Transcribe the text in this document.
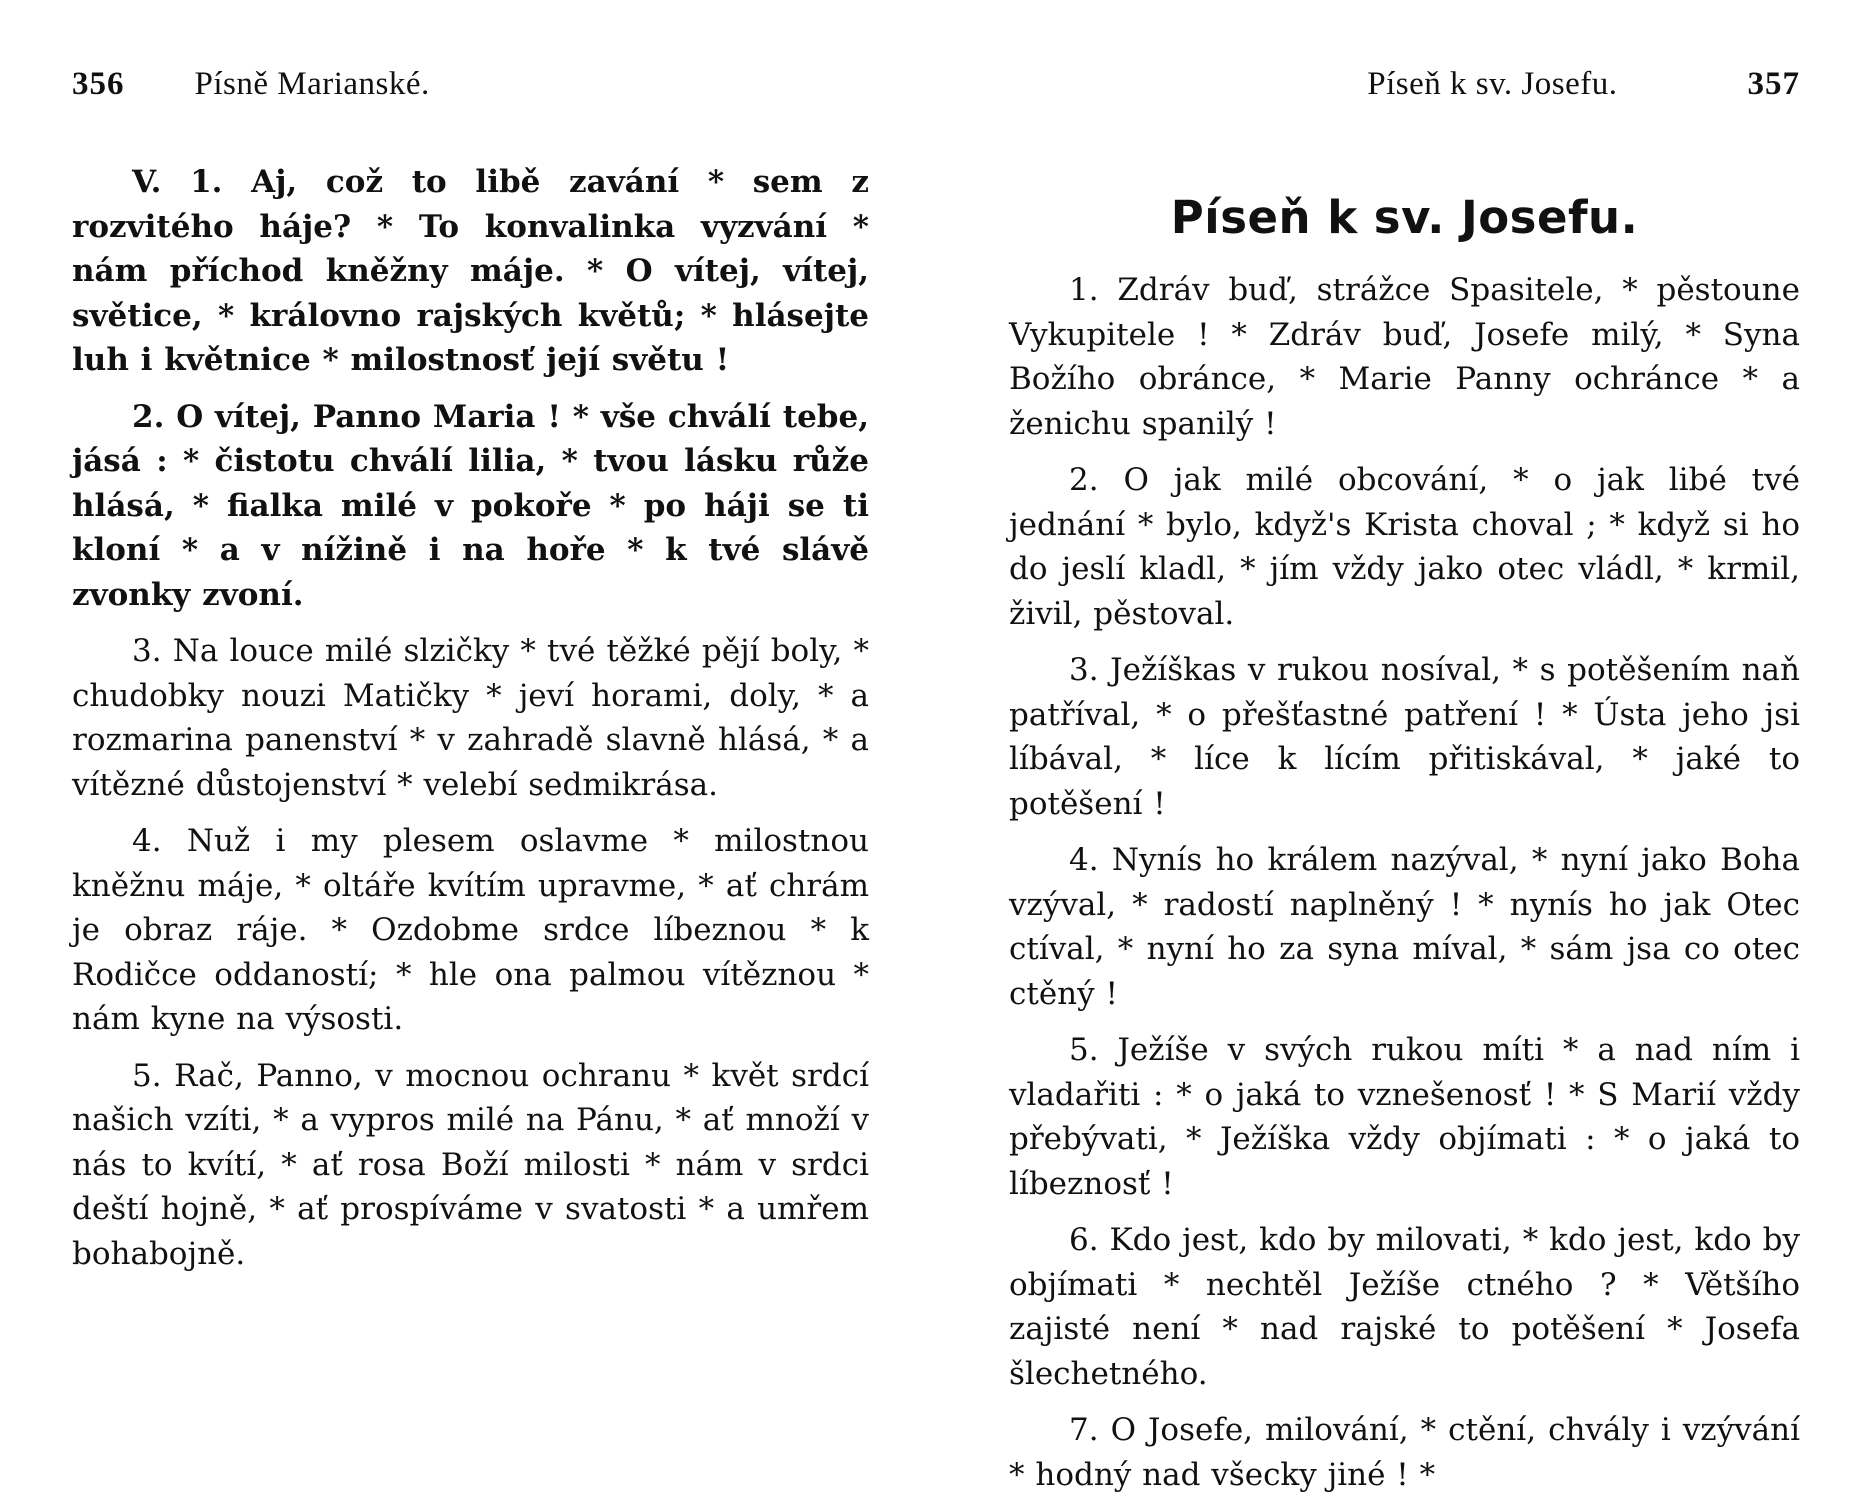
356	Písně Marianské.

V. 1. Aj, což to libě zavání * sem z rozvitého háje? * To konvalinka vyzvání * nám příchod kněžny máje. * O vítej, vítej, světice, * královno rajských květů; * hlásejte luh i květnice * milostnosť její světu !

2. O vítej, Panno Maria ! * vše chválí tebe, jásá : * čistotu chválí lilia, * tvou lásku růže hlásá, * fialka milé v pokoře * po háji se ti kloní * a v nížině i na hoře * k tvé slávě zvonky zvoní.

3. Na louce milé slzičky * tvé těžké pějí boly, * chudobky nouzi Matičky * jeví horami, doly, * a rozmarina panenství * v zahradě slavně hlásá, * a vítězné důstojenství * velebí sedmikrása.

4. Nuž i my plesem oslavme * milostnou kněžnu máje, * oltáře kvítím upravme, * ať chrám je obraz ráje. * Ozdobme srdce líbeznou * k Rodičce oddaností; * hle ona palmou vítěznou * nám kyne na výsosti.

5. Rač, Panno, v mocnou ochranu * květ srdcí našich vzíti, * a vypros milé na Pánu, * ať množí v nás to kvítí, * ať rosa Boží milosti * nám v srdci deští hojně, * ať prospíváme v svatosti * a umřem bohabojně.

Píseň k sv. Josefu.	357
Píseň k sv. Josefu.

1. Zdráv buď, strážce Spasitele, * pěstoune Vykupitele ! * Zdráv buď, Josefe milý, * Syna Božího obránce, * Marie Panny ochránce * a ženichu spanilý !

2. O jak milé obcování, * o jak libé tvé jednání * bylo, když's Krista choval ; * když si ho do jeslí kladl, * jím vždy jako otec vládl, * krmil, živil, pěstoval.

3. Ježíškas v rukou nosíval, * s potěšením naň patříval, * o přešťastné patření ! * Ústa jeho jsi líbával, * líce k lícím přitiskával, * jaké to potěšení !

4. Nynís ho králem nazýval, * nyní jako Boha vzýval, * radostí naplněný ! * nynís ho jak Otec ctíval, * nyní ho za syna míval, * sám jsa co otec ctěný !

5. Ježíše v svých rukou míti * a nad ním i vladařiti : * o jaká to vznešenosť ! * S Marií vždy přebývati, * Ježíška vždy objímati : * o jaká to líbeznosť !

6. Kdo jest, kdo by milovati, * kdo jest, kdo by objímati * nechtěl Ježíše ctného ? * Většího zajisté není * nad rajské to potěšení * Josefa šlechetného.

7. O Josefe, milování, * ctění, chvály i vzývání * hodný nad všecky jiné ! *
